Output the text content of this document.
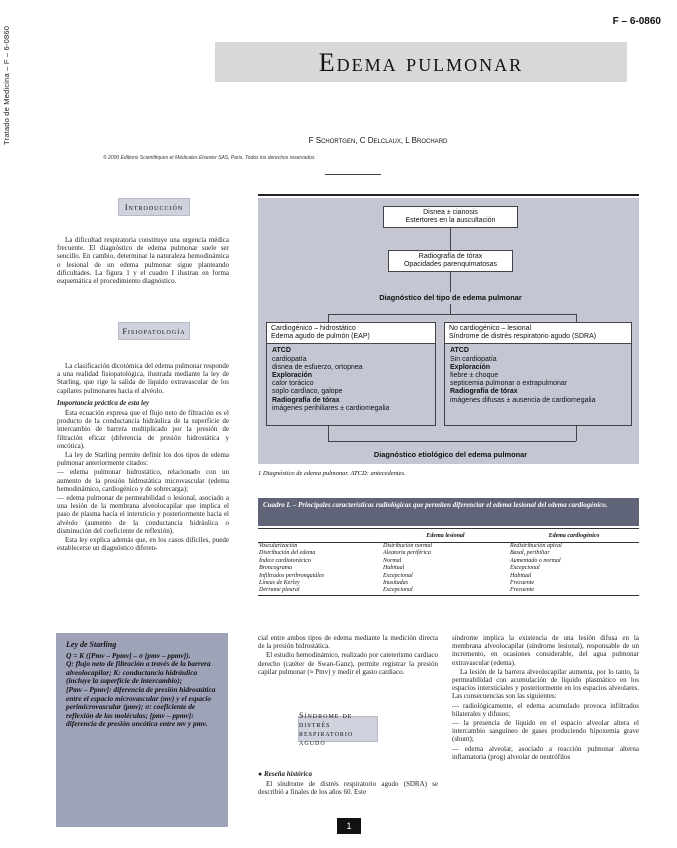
Tratado de Medicina – F – 6-0860
F – 6-0860
Edema pulmonar
F Schortgen, C Delclaux, L Brochard
© 2000 Éditions Scientifiques et Médicales Elsevier SAS, Paris. Todos los derechos reservados.
Introducción

La dificultad respiratoria constituye una urgencia médica frecuente. El diagnóstico de edema pulmonar suele ser sencillo. En cambio, determinar la naturaleza hemodinámica o lesional de un edema pulmonar sigue planteando dificultades. La figura 1 y el cuadro I ilustran en forma esquemática el procedimiento diagnóstico.

Fisiopatología

La clasificación dicotómica del edema pulmonar responde a una realidad fisiopatológica, ilustrada mediante la ley de Starling, que rige la salida de líquido extravascular de los capilares pulmonares hacia el alvéolo.

Importancia práctica de esta ley

Esta ecuación expresa que el flujo neto de filtración es el producto de la conductancia hidráulica de la superficie de intercambio de barrera multiplicado por la presión de filtración eficaz (diferencia de presión hidrostática y oncótica).

La ley de Starling permite definir los dos tipos de edema pulmonar anteriormente citados:

— edema pulmonar hidrostático, relacionado con un aumento de la presión hidrostática microvascular (edema hemodinámico, cardiogénico y de sobrecarga);

— edema pulmonar de permeabilidad o lesional, asociado a una lesión de la membrana alveolocapilar que implica el paso de plasma hacia el intersticio y posteriormente hacia el alvéolo (aumento de la conductancia hidráulica o disminución del coeficiente de reflexión).

Esta ley explica además que, en los casos difíciles, puede establecerse un diagnóstico diferen-

Ley de Starling
Q = K ([Pmv – Ppmv] – σ [pmv – ppmv]).
Q: flujo neto de filtración a través de la barrera alveolocapilar; K: conductancia hidráulica (incluye la superficie de intercambio);
[Pmv – Ppmv]: diferencia de presión hidrostática entre el espacio microvascular (mv) y el espacio perimicrovascular (pmv); σ: coeficiente de reflexión de las moléculas; [pmv – ppmv]: diferencia de presión oncótica entre mv y pmv.
Disnea ± cianosis
Estertores en la auscultación
Radiografía de tórax
Opacidades parenquimatosas
Diagnóstico del tipo de edema pulmonar
Cardiogénico – hidrostático
Edema agudo de pulmón (EAP)
ATCD
cardiopatía
disnea de esfuerzo, ortopnea
Exploración
calor torácico
soplo cardíaco, galope
Radiografía de tórax
imágenes perihiliares ± cardiomegalia
No cardiogénico – lesional
Síndrome de distrés respiratorio agudo (SDRA)
ATCD
Sin cardiopatía
Exploración
fiebre ± choque
septicemia pulmonar o extrapulmonar
Radiografía de tórax
imágenes difusas ± ausencia de cardiomegalia
Diagnóstico etiológico del edema pulmonar
1 Diagnóstico de edema pulmonar. ATCD: antecedentes.
Cuadro I. – Principales características radiológicas que permiten diferenciar el edema lesional del edema cardiogénico.
	Edema lesional	Edema cardiogénico
Vascularización	Distribución normal	Redistribución apical
Distribución del edema	Aleatoria periférica	Basal, perihiliar
Índice cardiotorácico	Normal	Aumentado o normal
Broncograma	Habitual	Excepcional
Infiltrados peribronquiáles	Excepcional	Habitual
Líneas de Kerley	Inusitadas	Frecuente
Derrame pleural	Excepcional	Frecuente

cial entre ambos tipos de edema mediante la medición directa de la presión hidrostática.

El estudio hemodinámico, realizado por cateterismo cardiaco derecho (catéter de Swan-Ganz), permite registrar la presión capilar pulmonar (≈ Pmv) y medir el gasto cardiaco.

Síndrome de distrés
respiratorio agudo

● Reseña histórica

El síndrome de distrés respiratorio agudo (SDRA) se describió a finales de los años 60. Este

síndrome implica la existencia de una lesión difusa en la membrana alveolocapilar (síndrome lesional), responsable de un incremento, en ocasiones considerable, del agua pulmonar extravascular (edema).

La lesión de la barrera alveolocapilar aumenta, por lo tanto, la permeabilidad con acumulación de líquido plasmático en los espacios intersticiales y posteriormente en los espacios alveolares. Las consecuencias son las siguientes:

— radiológicamente, el edema acumulado provoca infiltrados bilaterales y difusos;

— la presencia de líquido en el espacio alveolar altera el intercambio sanguíneo de gases produciendo hipoxemia grave (shunt);

— edema alveolar, asociado a reacción pulmonar alterna inflamatoria (prog) alveolar de neutrófilos

1
